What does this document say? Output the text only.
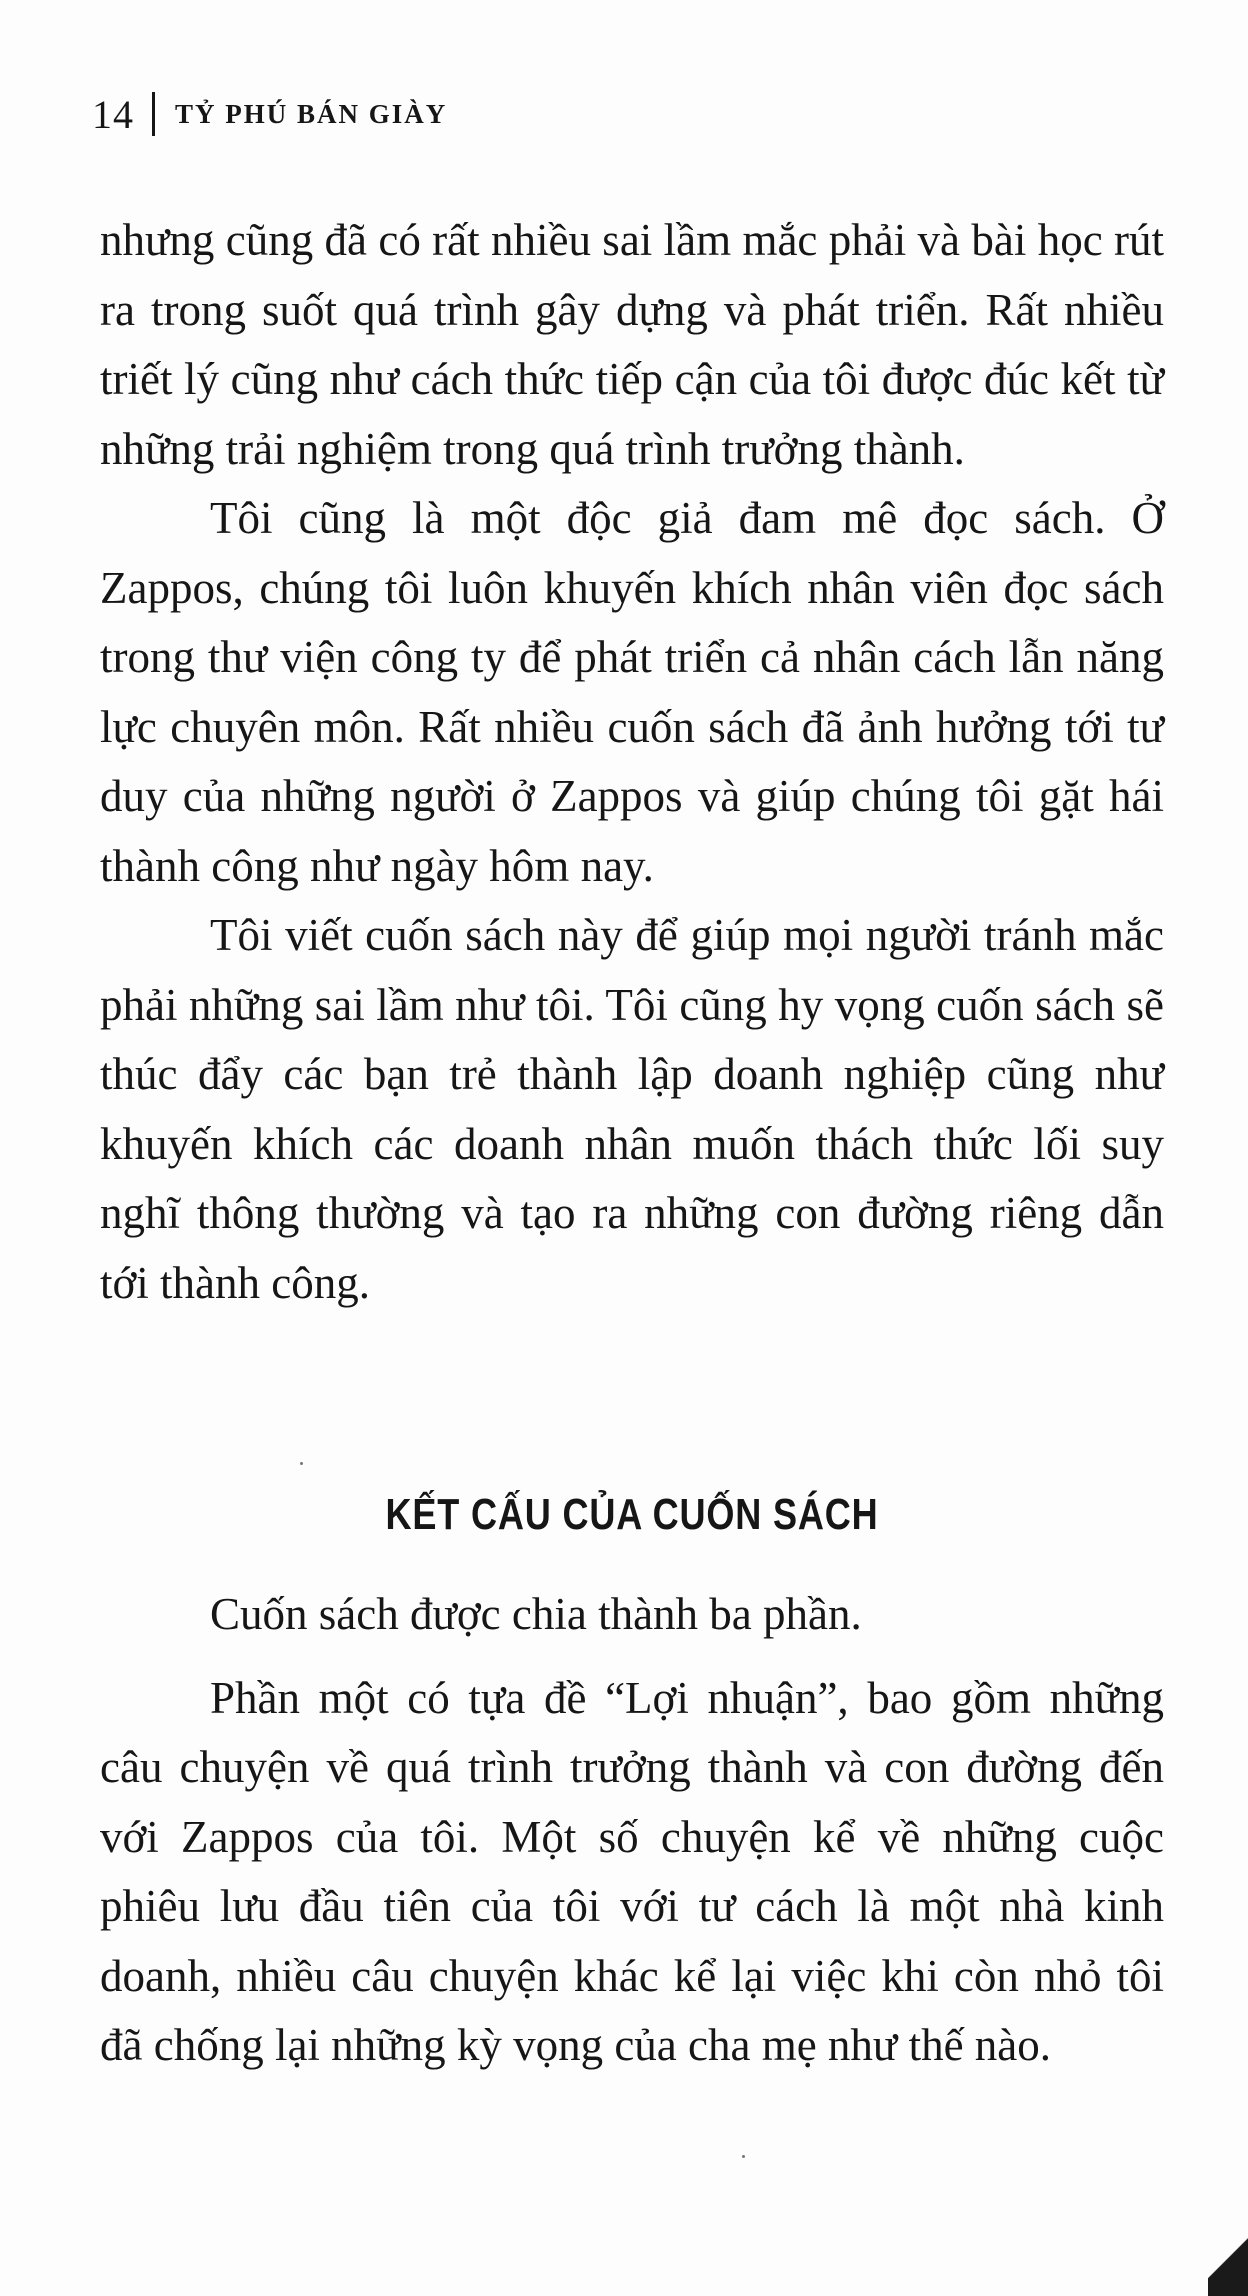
14 TỶ PHÚ BÁN GIÀY

nhưng cũng đã có rất nhiều sai lầm mắc phải và bài học rút ra trong suốt quá trình gây dựng và phát triển. Rất nhiều triết lý cũng như cách thức tiếp cận của tôi được đúc kết từ những trải nghiệm trong quá trình trưởng thành.

Tôi cũng là một độc giả đam mê đọc sách. Ở Zappos, chúng tôi luôn khuyến khích nhân viên đọc sách trong thư viện công ty để phát triển cả nhân cách lẫn năng lực chuyên môn. Rất nhiều cuốn sách đã ảnh hưởng tới tư duy của những người ở Zappos và giúp chúng tôi gặt hái thành công như ngày hôm nay.

Tôi viết cuốn sách này để giúp mọi người tránh mắc phải những sai lầm như tôi. Tôi cũng hy vọng cuốn sách sẽ thúc đẩy các bạn trẻ thành lập doanh nghiệp cũng như khuyến khích các doanh nhân muốn thách thức lối suy nghĩ thông thường và tạo ra những con đường riêng dẫn tới thành công.

KẾT CẤU CỦA CUỐN SÁCH

Cuốn sách được chia thành ba phần.

Phần một có tựa đề “Lợi nhuận”, bao gồm những câu chuyện về quá trình trưởng thành và con đường đến với Zappos của tôi. Một số chuyện kể về những cuộc phiêu lưu đầu tiên của tôi với tư cách là một nhà kinh doanh, nhiều câu chuyện khác kể lại việc khi còn nhỏ tôi đã chống lại những kỳ vọng của cha mẹ như thế nào.
